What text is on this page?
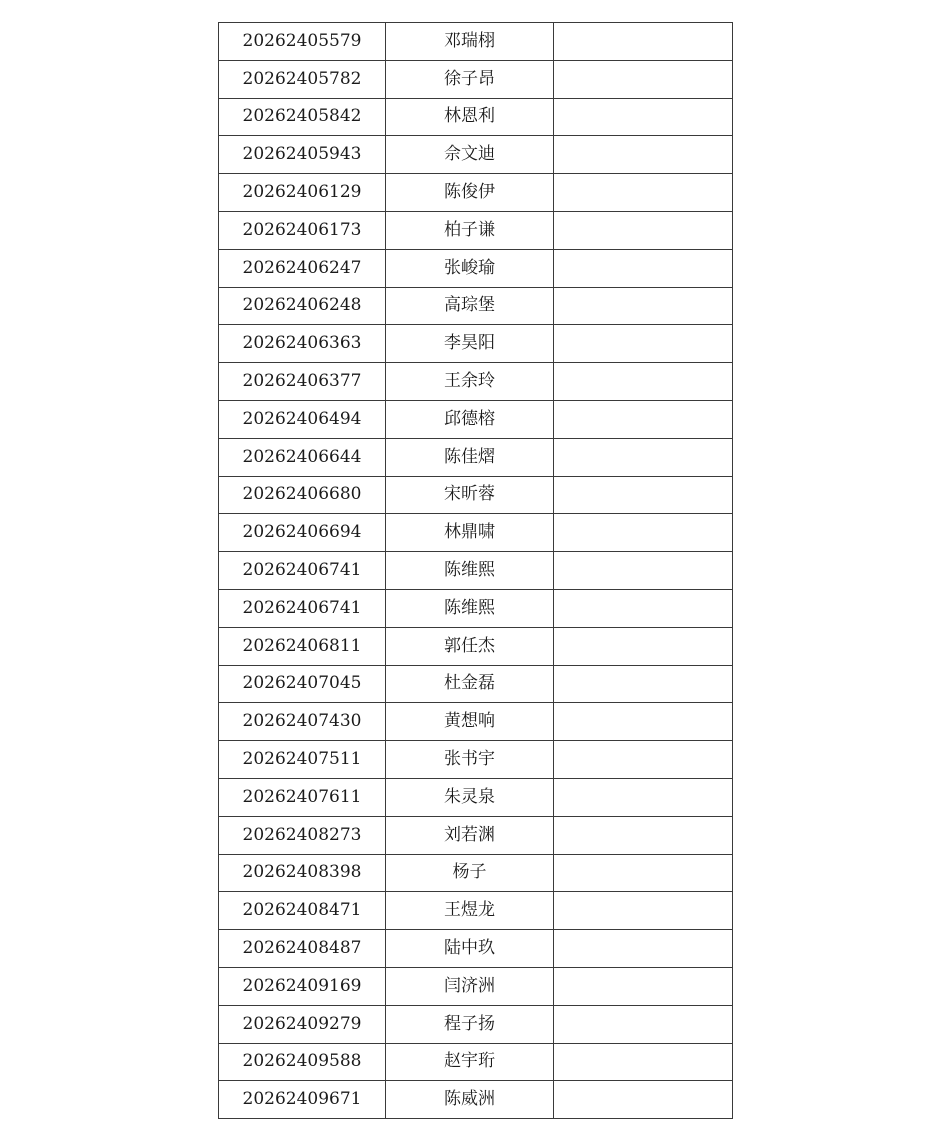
20262405579	邓瑞栩	
20262405782	徐子昂	
20262405842	林恩利	
20262405943	佘文迪	
20262406129	陈俊伊	
20262406173	柏子谦	
20262406247	张峻瑜	
20262406248	高琮堡	
20262406363	李昊阳	
20262406377	王余玲	
20262406494	邱德榕	
20262406644	陈佳熠	
20262406680	宋昕蓉	
20262406694	林鼎啸	
20262406741	陈维熙	
20262406741	陈维熙	
20262406811	郭任杰	
20262407045	杜金磊	
20262407430	黄想响	
20262407511	张书宇	
20262407611	朱灵泉	
20262408273	刘若渊	
20262408398	杨子	
20262408471	王煜龙	
20262408487	陆中玖	
20262409169	闫济洲	
20262409279	程子扬	
20262409588	赵宇珩	
20262409671	陈威洲	
